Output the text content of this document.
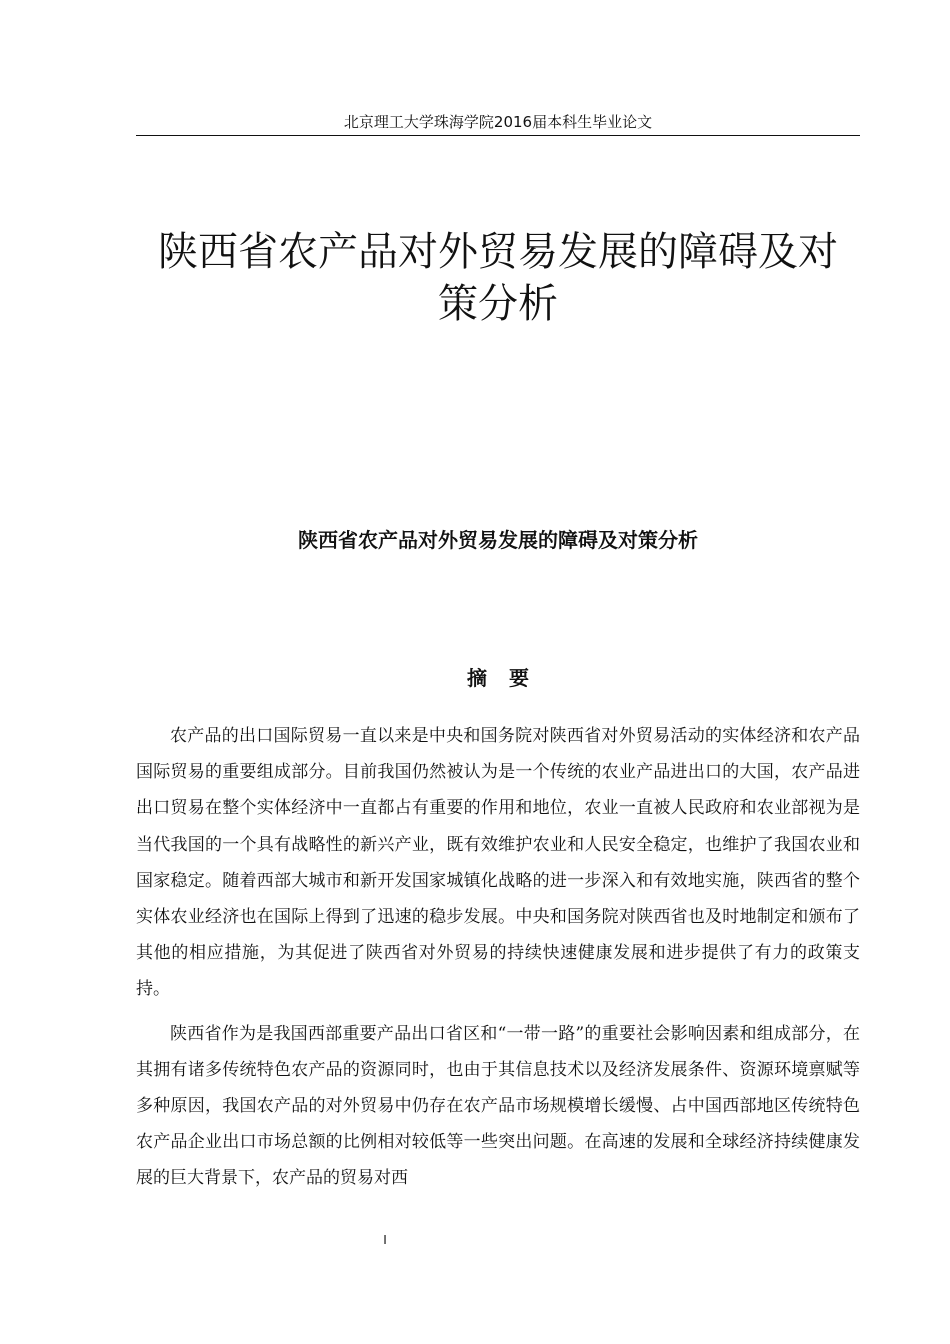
北京理工大学珠海学院2016届本科生毕业论文
陕西省农产品对外贸易发展的障碍及对
策分析
陕西省农产品对外贸易发展的障碍及对策分析
摘要

农产品的出口国际贸易一直以来是中央和国务院对陕西省对外贸易活动的实体经济和农产品国际贸易的重要组成部分。目前我国仍然被认为是一个传统的农业产品进出口的大国，农产品进出口贸易在整个实体经济中一直都占有重要的作用和地位，农业一直被人民政府和农业部视为是当代我国的一个具有战略性的新兴产业，既有效维护农业和人民安全稳定，也维护了我国农业和国家稳定。随着西部大城市和新开发国家城镇化战略的进一步深入和有效地实施，陕西省的整个实体农业经济也在国际上得到了迅速的稳步发展。中央和国务院对陕西省也及时地制定和颁布了其他的相应措施，为其促进了陕西省对外贸易的持续快速健康发展和进步提供了有力的政策支持。

陕西省作为是我国西部重要产品出口省区和“一带一路”的重要社会影响因素和组成部分，在其拥有诸多传统特色农产品的资源同时，也由于其信息技术以及经济发展条件、资源环境禀赋等多种原因，我国农产品的对外贸易中仍存在农产品市场规模增长缓慢、占中国西部地区传统特色农产品企业出口市场总额的比例相对较低等一些突出问题。在高速的发展和全球经济持续健康发展的巨大背景下，农产品的贸易对西

I
